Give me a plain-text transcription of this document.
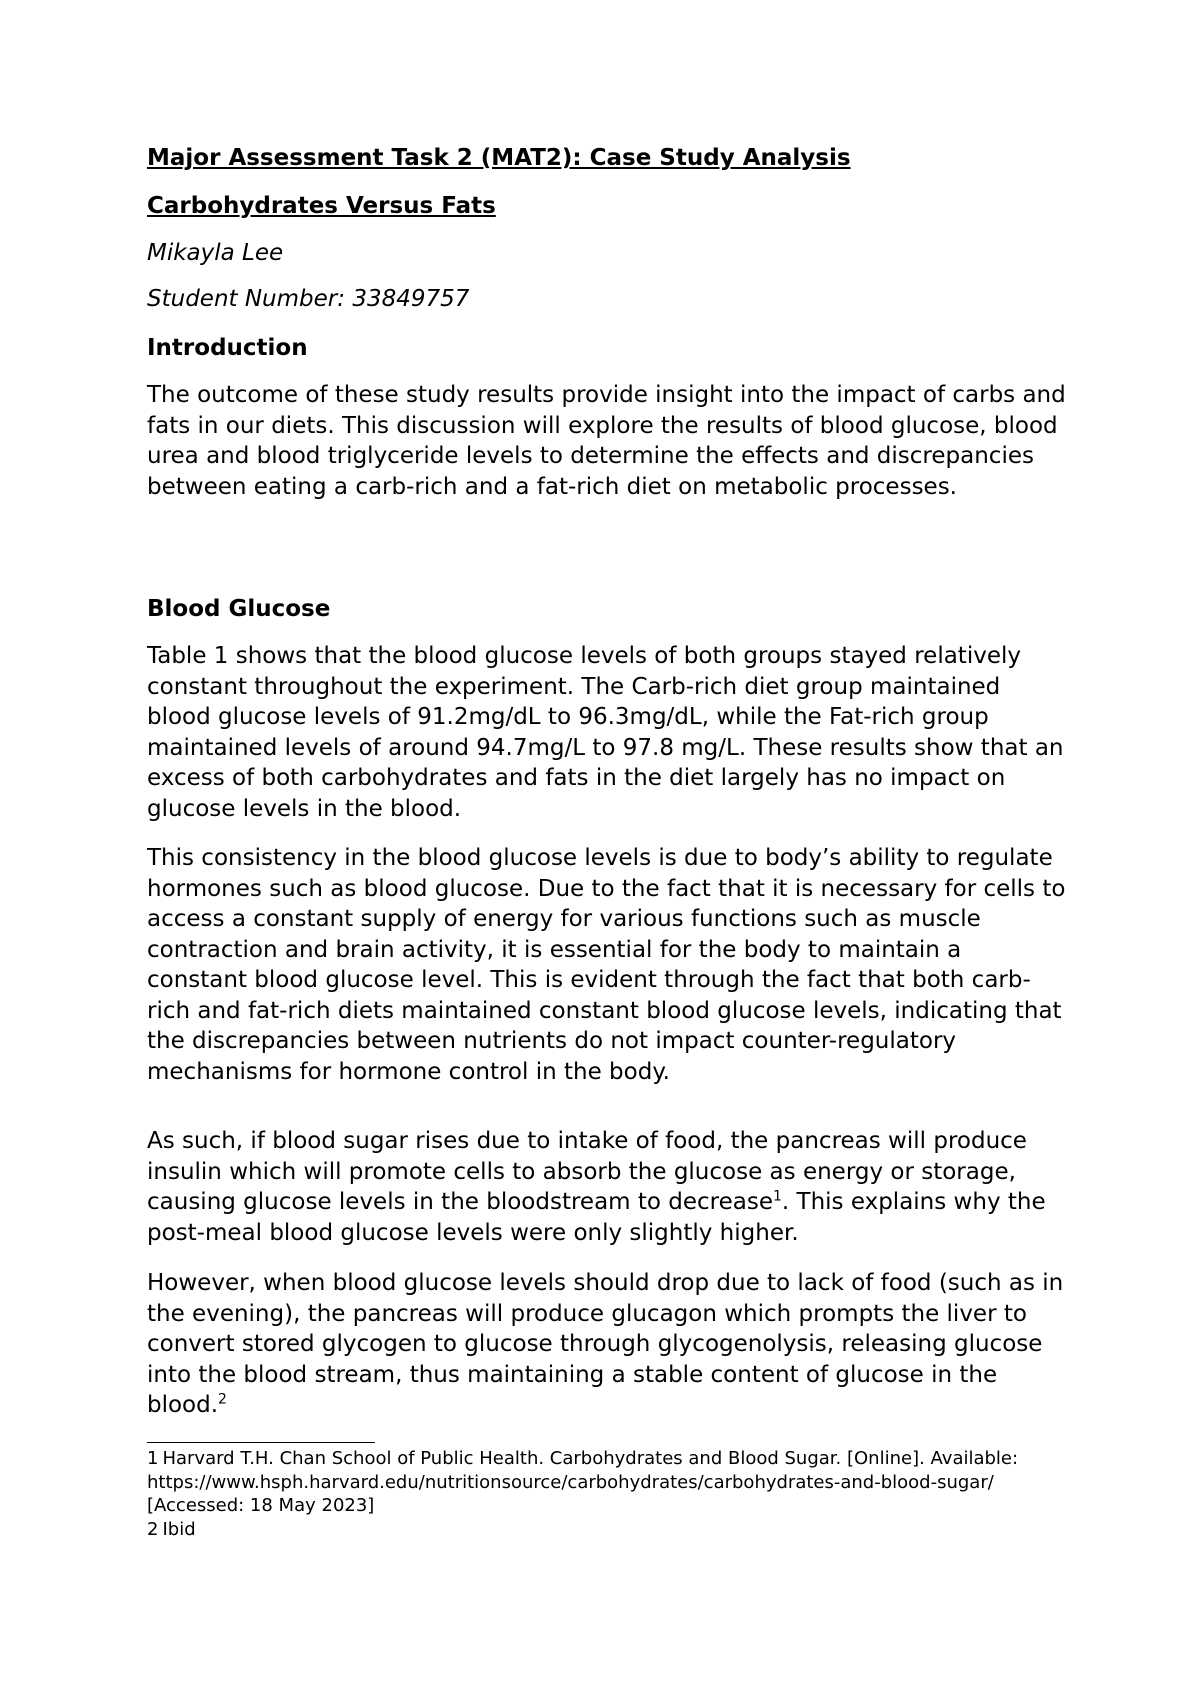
Major Assessment Task 2 (MAT2): Case Study Analysis

Carbohydrates Versus Fats

Mikayla Lee

Student Number: 33849757

Introduction

The outcome of these study results provide insight into the impact of carbs and fats in our diets. This discussion will explore the results of blood glucose, blood urea and blood triglyceride levels to determine the effects and discrepancies between eating a carb-rich and a fat-rich diet on metabolic processes.

Blood Glucose

Table 1 shows that the blood glucose levels of both groups stayed relatively constant throughout the experiment. The Carb-rich diet group maintained blood glucose levels of 91.2mg/dL to 96.3mg/dL, while the Fat-rich group maintained levels of around 94.7mg/L to 97.8 mg/L. These results show that an excess of both carbohydrates and fats in the diet largely has no impact on glucose levels in the blood.

This consistency in the blood glucose levels is due to body’s ability to regulate hormones such as blood glucose. Due to the fact that it is necessary for cells to access a constant supply of energy for various functions such as muscle contraction and brain activity, it is essential for the body to maintain a constant blood glucose level. This is evident through the fact that both carb-rich and fat-rich diets maintained constant blood glucose levels, indicating that the discrepancies between nutrients do not impact counter-regulatory mechanisms for hormone control in the body.

As such, if blood sugar rises due to intake of food, the pancreas will produce insulin which will promote cells to absorb the glucose as energy or storage, causing glucose levels in the bloodstream to decrease$^1$. This explains why the post-meal blood glucose levels were only slightly higher.

However, when blood glucose levels should drop due to lack of food (such as in the evening), the pancreas will produce glucagon which prompts the liver to convert stored glycogen to glucose through glycogenolysis, releasing glucose into the blood stream, thus maintaining a stable content of glucose in the blood.$^2$

1 Harvard T.H. Chan School of Public Health. Carbohydrates and Blood Sugar. [Online]. Available: https://www.hsph.harvard.edu/nutritionsource/carbohydrates/carbohydrates-and-blood-sugar/ [Accessed: 18 May 2023]

2 Ibid
